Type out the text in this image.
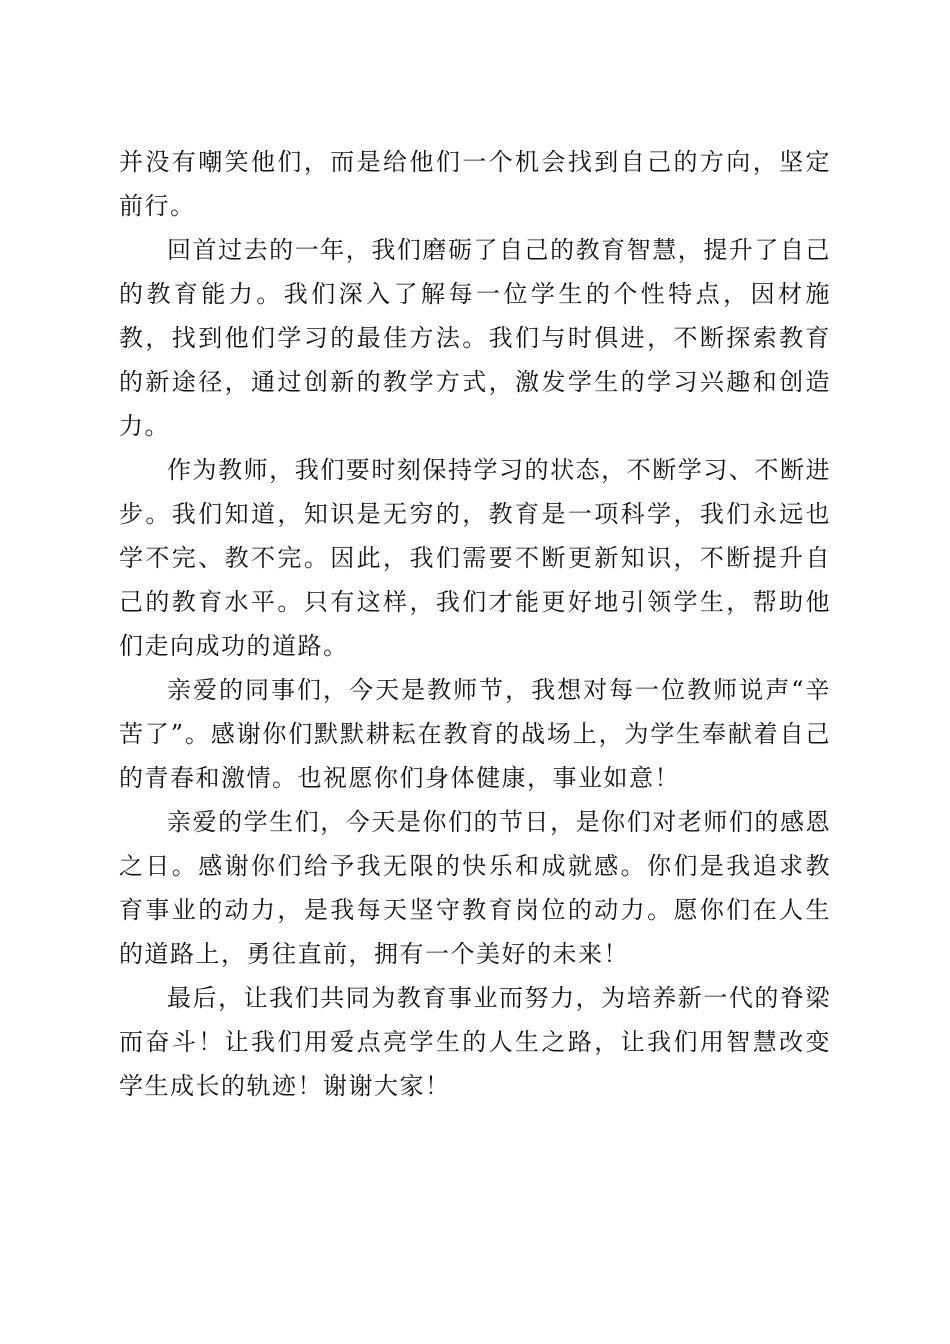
并没有嘲笑他们，而是给他们一个机会找到自己的方向，坚定前行。

回首过去的一年，我们磨砺了自己的教育智慧，提升了自己的教育能力。我们深入了解每一位学生的个性特点，因材施教，找到他们学习的最佳方法。我们与时俱进，不断探索教育的新途径，通过创新的教学方式，激发学生的学习兴趣和创造力。

作为教师，我们要时刻保持学习的状态，不断学习、不断进步。我们知道，知识是无穷的，教育是一项科学，我们永远也学不完、教不完。因此，我们需要不断更新知识，不断提升自己的教育水平。只有这样，我们才能更好地引领学生，帮助他们走向成功的道路。

亲爱的同事们，今天是教师节，我想对每一位教师说声“辛苦了”。感谢你们默默耕耘在教育的战场上，为学生奉献着自己的青春和激情。也祝愿你们身体健康，事业如意！

亲爱的学生们，今天是你们的节日，是你们对老师们的感恩之日。感谢你们给予我无限的快乐和成就感。你们是我追求教育事业的动力，是我每天坚守教育岗位的动力。愿你们在人生的道路上，勇往直前，拥有一个美好的未来！

最后，让我们共同为教育事业而努力，为培养新一代的脊梁而奋斗！让我们用爱点亮学生的人生之路，让我们用智慧改变学生成长的轨迹！谢谢大家！
